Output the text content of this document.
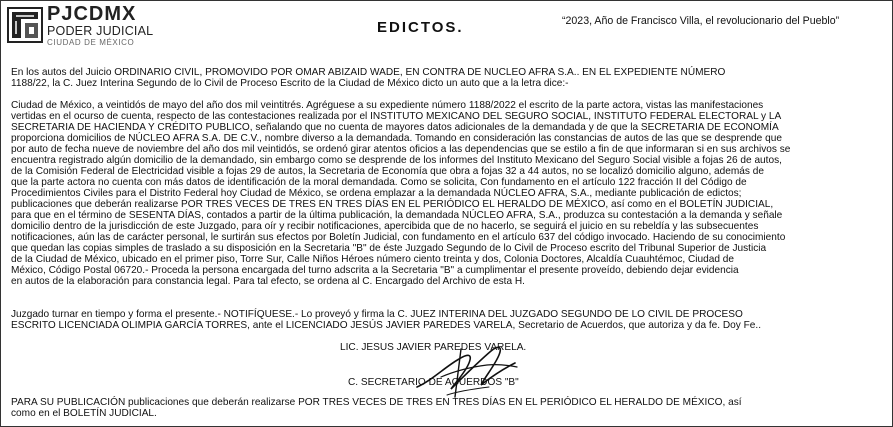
PJCDMX
PODER JUDICIAL
CIUDAD DE MÉXICO
EDICTOS.	“2023, Año de Francisco Villa, el revolucionario del Pueblo”

En los autos del Juicio ORDINARIO CIVIL, PROMOVIDO POR OMAR ABIZAID WADE, EN CONTRA DE NUCLEO AFRA S.A.. EN EL EXPEDIENTE NÚMERO
1188/22, la C. Juez Interina Segundo de lo Civil de Proceso Escrito de la Ciudad de México dicto un auto que a la letra dice:-

Ciudad de México, a veintidós de mayo del año dos mil veintitrés. Agréguese a su expediente número 1188/2022 el escrito de la parte actora, vistas las manifestaciones
vertidas en el ocurso de cuenta, respecto de las contestaciones realizada por el INSTITUTO MEXICANO DEL SEGURO SOCIAL, INSTITUTO FEDERAL ELECTORAL y LA
SECRETARIA DE HACIENDA Y CRÉDITO PUBLICO, señalando que no cuenta de mayores datos adicionales de la demandada y de que la SECRETARIA DE ECONOMÍA
proporciona domicilios de NÚCLEO AFRA S.A. DE C.V., nombre diverso a la demandada. Tomando en consideración las constancias de autos de las que se desprende que
por auto de fecha nueve de noviembre del año dos mil veintidós, se ordenó girar atentos oficios a las dependencias que se estilo a fin de que informaran si en sus archivos se
encuentra registrado algún domicilio de la demandado, sin embargo como se desprende de los informes del Instituto Mexicano del Seguro Social visible a fojas 26 de autos,
de la Comisión Federal de Electricidad visible a fojas 29 de autos, la Secretaria de Economía que obra a fojas 32 a 44 autos, no se localizó domicilio alguno, además de
que la parte actora no cuenta con más datos de identificación de la moral demandada. Como se solicita, Con fundamento en el artículo 122 fracción II del Código de
Procedimientos Civiles para el Distrito Federal hoy Ciudad de México, se ordena emplazar a la demandada NÚCLEO AFRA, S.A., mediante publicación de edictos;
publicaciones que deberán realizarse POR TRES VECES DE TRES EN TRES DÍAS EN EL PERIÓDICO EL HERALDO DE MÉXICO, así como en el BOLETÍN JUDICIAL,
para que en el término de SESENTA DÍAS, contados a partir de la última publicación, la demandada NÚCLEO AFRA, S.A., produzca su contestación a la demanda y señale
domicilio dentro de la jurisdicción de este Juzgado, para oír y recibir notificaciones, apercibida que de no hacerlo, se seguirá el juicio en su rebeldía y las subsecuentes
notificaciones, aún las de carácter personal, le surtirán sus efectos por Boletín Judicial, con fundamento en el artículo 637 del código invocado. Haciendo de su conocimiento
que quedan las copias simples de traslado a su disposición en la Secretaria "B" de éste Juzgado Segundo de lo Civil de Proceso escrito del Tribunal Superior de Justicia
de la Ciudad de México, ubicado en el primer piso, Torre Sur, Calle Niños Héroes número ciento treinta y dos, Colonia Doctores, Alcaldía Cuauhtémoc, Ciudad de
México, Código Postal 06720.- Proceda la persona encargada del turno adscrita a la Secretaria "B" a cumplimentar el presente proveído, debiendo dejar evidencia
en autos de la elaboración para constancia legal. Para tal efecto, se ordena al C. Encargado del Archivo de esta H.

Juzgado turnar en tiempo y forma el presente.- NOTIFÍQUESE.- Lo proveyó y firma la C. JUEZ INTERINA DEL JUZGADO SEGUNDO DE LO CIVIL DE PROCESO
ESCRITO LICENCIADA OLIMPIA GARCÍA TORRES, ante el LICENCIADO JESÚS JAVIER PAREDES VARELA, Secretario de Acuerdos, que autoriza y da fe. Doy Fe..

LIC. JESUS JAVIER PAREDES VARELA.
C. SECRETARIO DE ACUERDOS "B"

PARA SU PUBLICACIÓN publicaciones que deberán realizarse POR TRES VECES DE TRES EN TRES DÍAS EN EL PERIÓDICO EL HERALDO DE MÉXICO, así
como en el BOLETÍN JUDICIAL.
